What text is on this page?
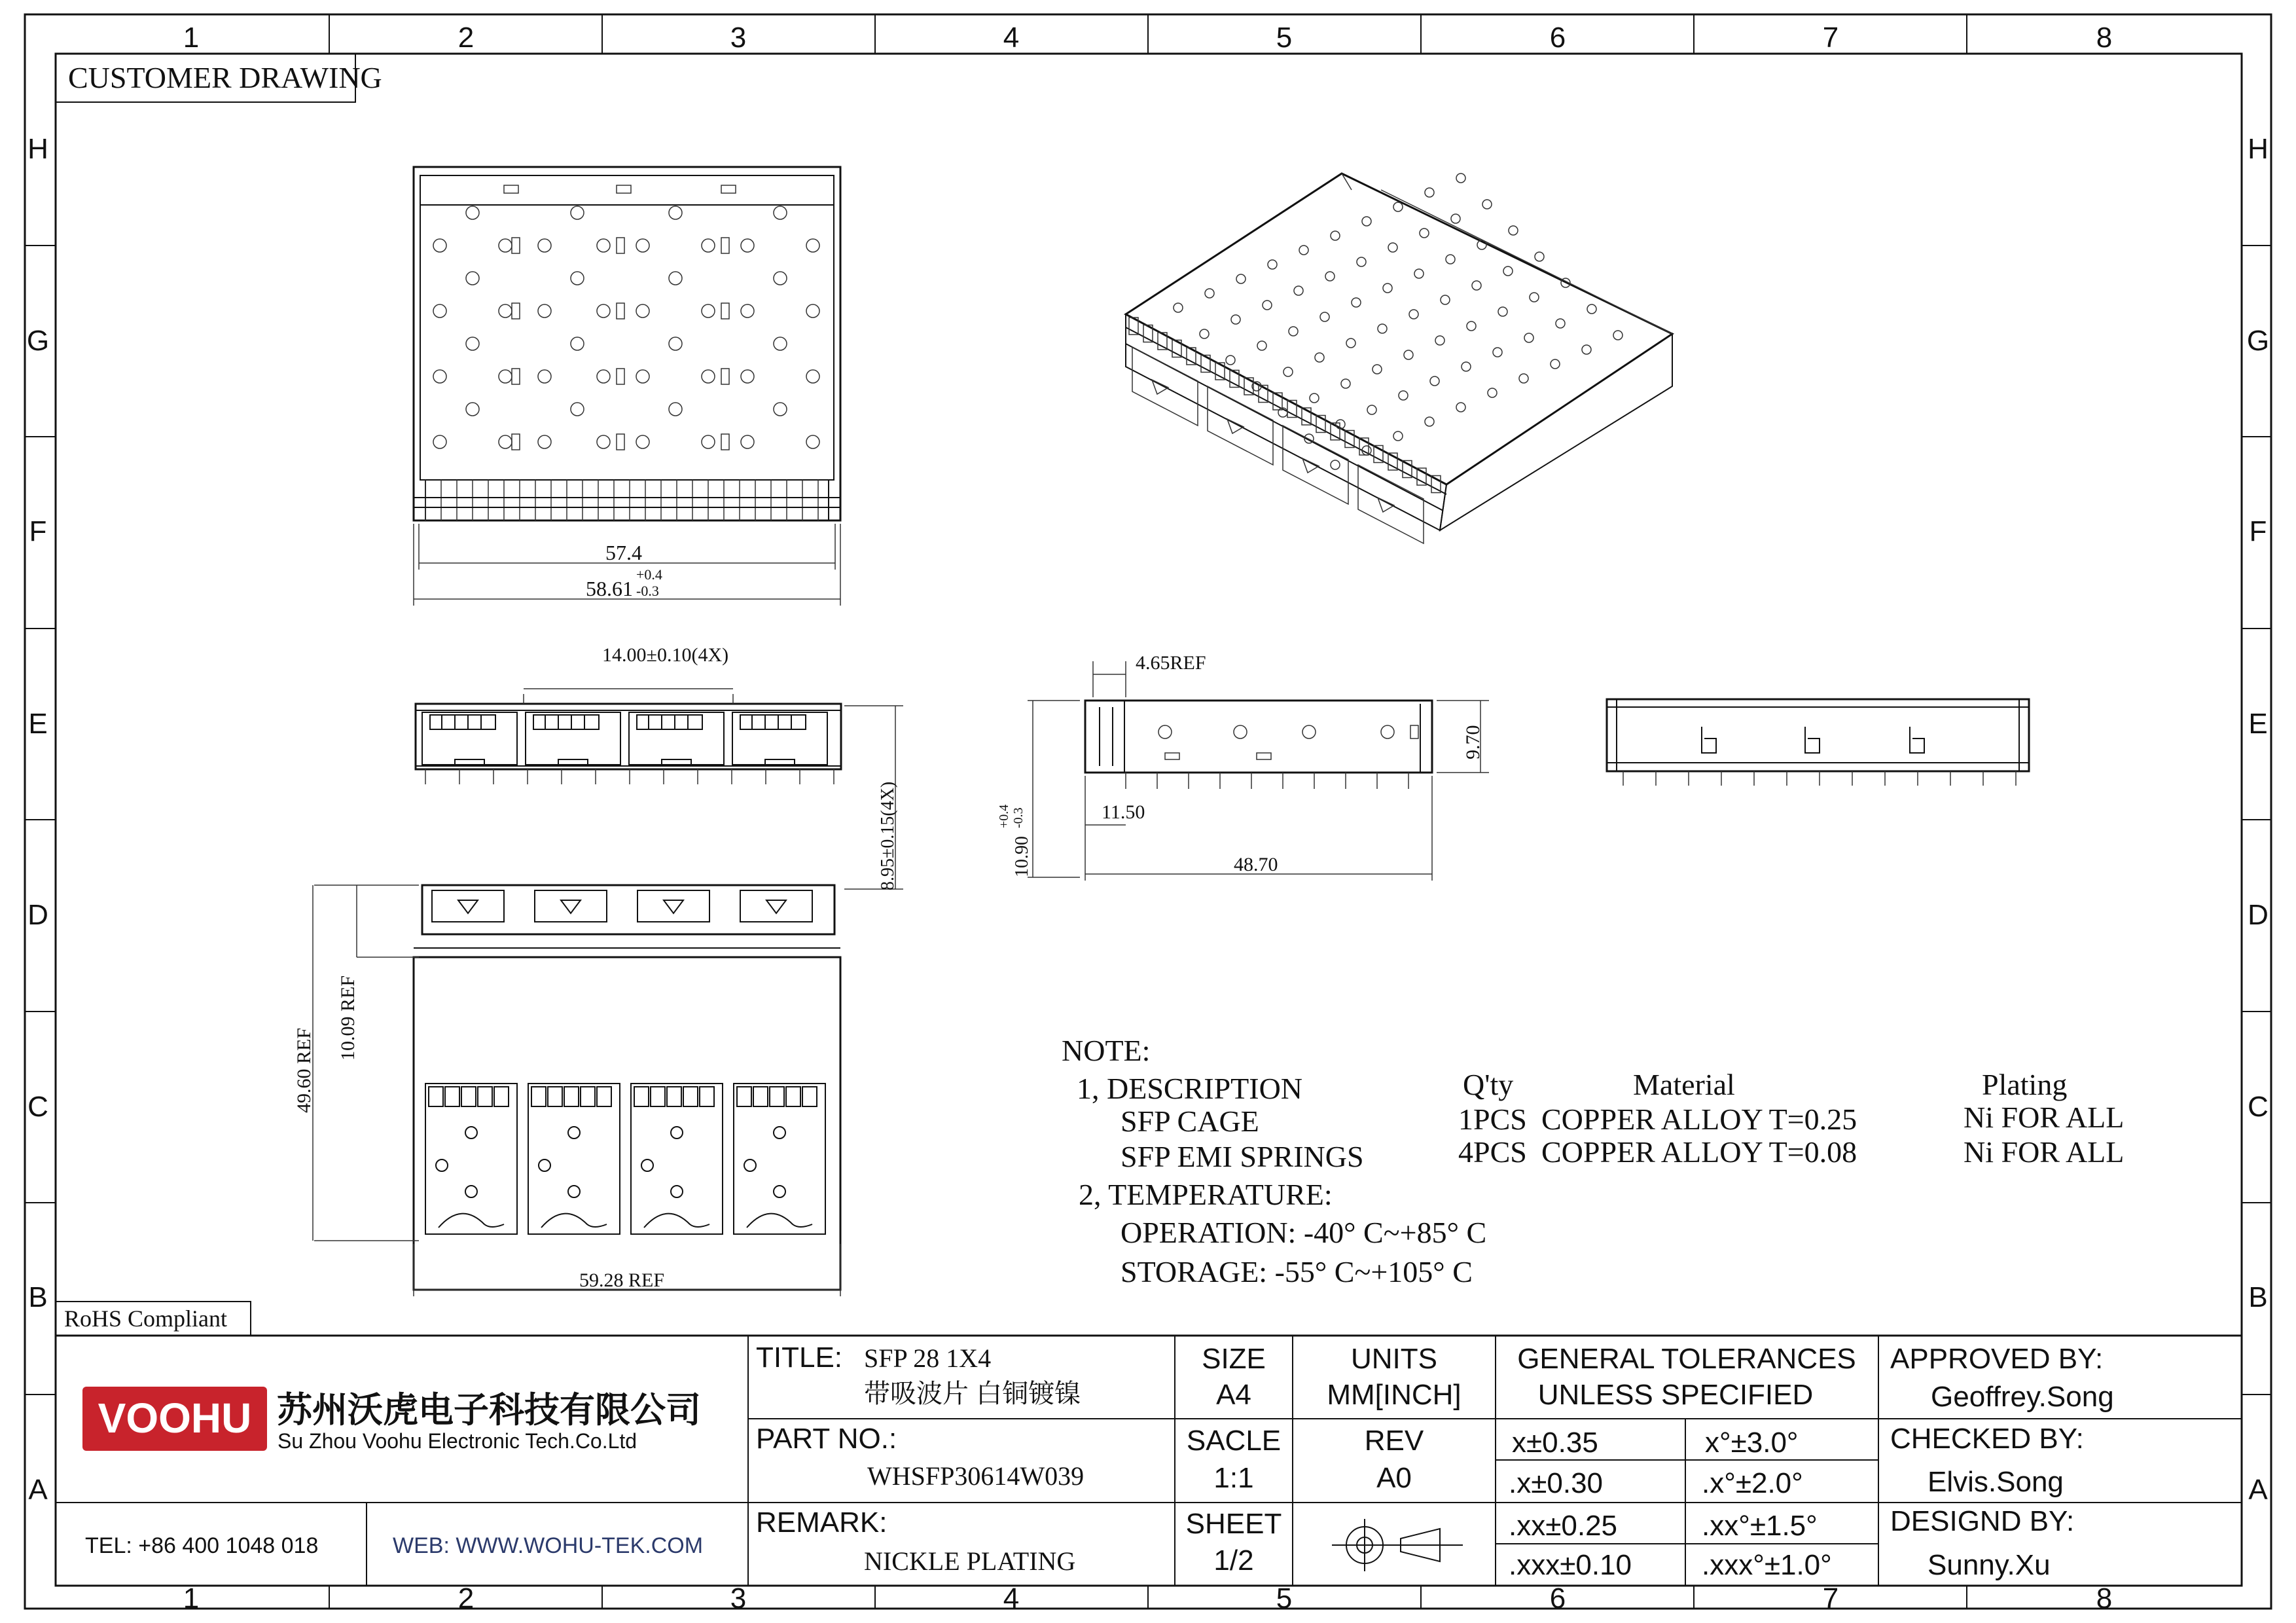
1	2	3	4	5	6	7	8
1	2	3	4	5	6	7	8
H
G
F
E
D
C
B
A
H
G
F
E
D
C
B
A
CUSTOMER DRAWING
57.4
58.61
+0.4
-0.3
14.00±0.10(4X)
8.95±0.15(4X)
4.65REF
9.70
10.90
+0.4 -0.3	11.50
48.70
49.60 REF
10.09 REF
59.28 REF
NOTE:
1, DESCRIPTION	Q'ty	Material	Plating
SFP CAGE	1PCS COPPER ALLOY T=0.25	Ni FOR ALL
SFP EMI SPRINGS	4PCS COPPER ALLOY T=0.08	Ni FOR ALL
2, TEMPERATURE:
OPERATION: -40° C~+85° C
STORAGE: -55° C~+105° C
RoHS Compliant
VOOHU 苏州沃虎电子科技有限公司
Su Zhou Voohu Electronic Tech.Co.Ltd
TEL: +86 400 1048 018	WEB: WWW.WOHU-TEK.COM
TITLE: SFP 28 1X4
带吸波片 白铜镀镍
PART NO.:
WHSFP30614W039
REMARK:
NICKLE PLATING
SIZE
A4
UNITS
MM[INCH]
SACLE
1:1
REV
A0
SHEET
1/2
GENERAL TOLERANCES
UNLESS SPECIFIED
x±0.35	x°±3.0°
.x±0.30	.x°±2.0°
.xx±0.25	.xx°±1.5°
.xxx±0.10 .xxx°±1.0°
APPROVED BY:
Geoffrey.Song
CHECKED BY:
Elvis.Song
DESIGND BY:
Sunny.Xu
